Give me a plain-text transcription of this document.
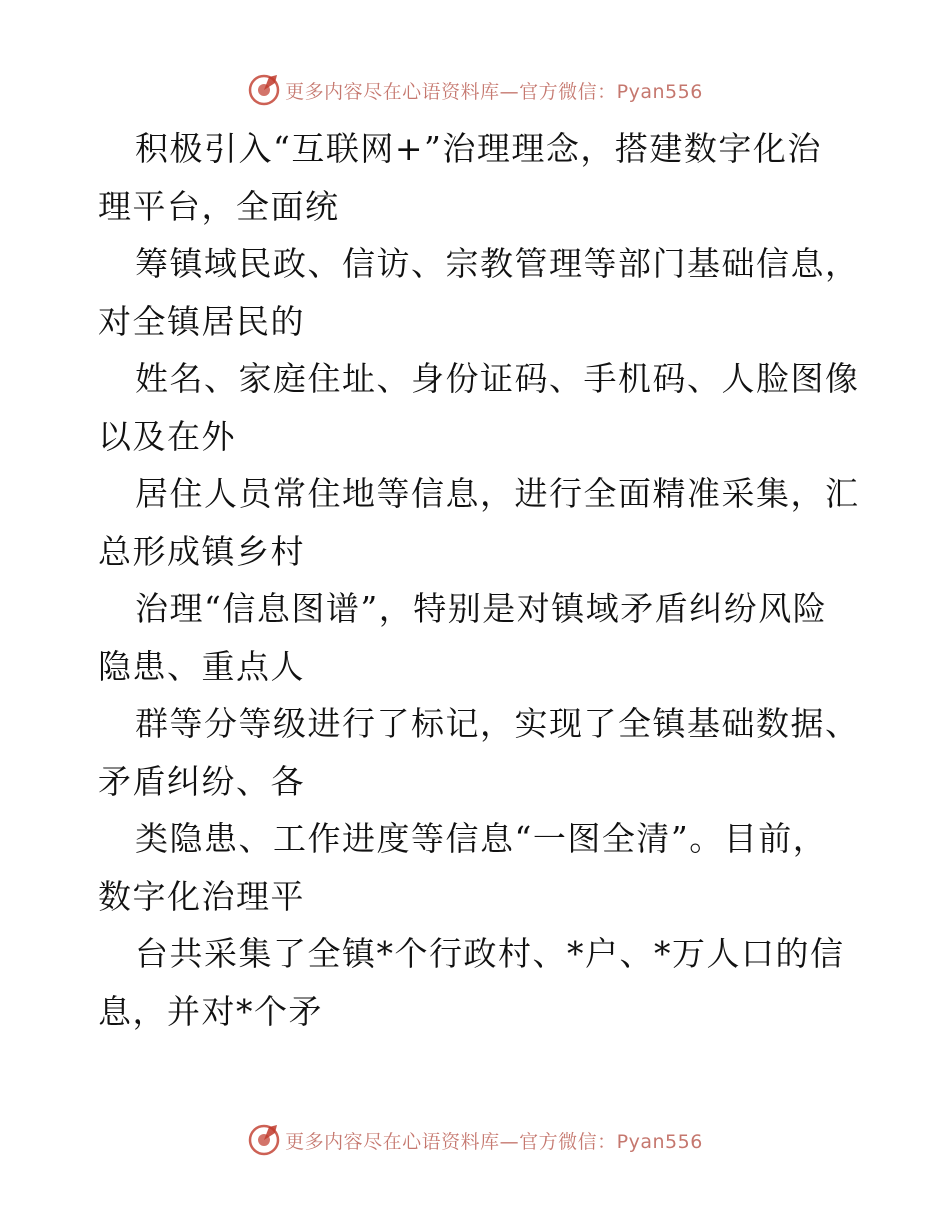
更多内容尽在心语资料库—官方微信：Pyan556

积极引入“互联网+”治理理念，搭建数字化治
理平台，全面统

筹镇域民政、信访、宗教管理等部门基础信息，
对全镇居民的

姓名、家庭住址、身份证码、手机码、人脸图像
以及在外

居住人员常住地等信息，进行全面精准采集，汇
总形成镇乡村

治理“信息图谱”，特别是对镇域矛盾纠纷风险
隐患、重点人

群等分等级进行了标记，实现了全镇基础数据、
矛盾纠纷、各

类隐患、工作进度等信息“一图全清”。目前，
数字化治理平

台共采集了全镇*个行政村、*户、*万人口的信
息，并对*个矛

更多内容尽在心语资料库—官方微信：Pyan556
